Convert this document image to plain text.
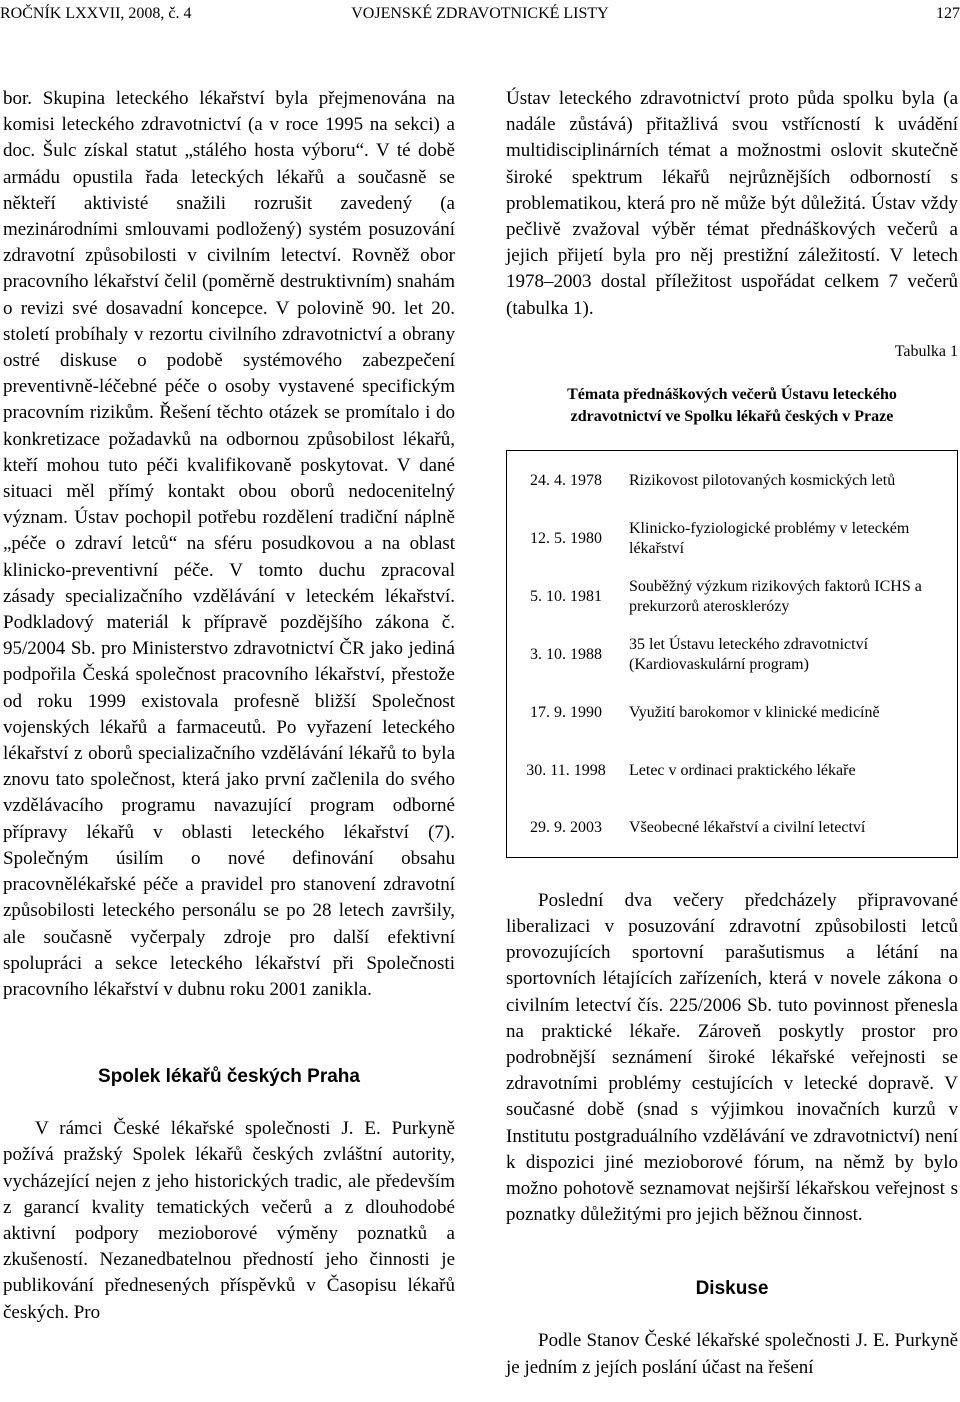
ROČNÍK LXXVII, 2008, č. 4	VOJENSKÉ ZDRAVOTNICKÉ LISTY	127

bor. Skupina leteckého lékařství byla přejmenována na komisi leteckého zdravotnictví (a v roce 1995 na sekci) a doc. Šulc získal statut „stálého hosta výboru“. V té době armádu opustila řada leteckých lékařů a současně se někteří aktivisté snažili rozrušit zavedený (a mezinárodními smlouvami podložený) systém posuzování zdravotní způsobilosti v civilním letectví. Rovněž obor pracovního lékařství čelil (poměrně destruktivním) snahám o revizi své dosavadní koncepce. V polovině 90. let 20. století probíhaly v rezortu civilního zdravotnictví a obrany ostré diskuse o podobě systémového zabezpečení preventivně-léčebné péče o osoby vystavené specifickým pracovním rizikům. Řešení těchto otázek se promítalo i do konkretizace požadavků na odbornou způsobilost lékařů, kteří mohou tuto péči kvalifikovaně poskytovat. V dané situaci měl přímý kontakt obou oborů nedocenitelný význam. Ústav pochopil potřebu rozdělení tradiční náplně „péče o zdraví letců“ na sféru posudkovou a na oblast klinicko-preventivní péče. V tomto duchu zpracoval zásady specializačního vzdělávání v leteckém lékařství. Podkladový materiál k přípravě pozdějšího zákona č. 95/2004 Sb. pro Ministerstvo zdravotnictví ČR jako jediná podpořila Česká společnost pracovního lékařství, přestože od roku 1999 existovala profesně bližší Společnost vojenských lékařů a farmaceutů. Po vyřazení leteckého lékařství z oborů specializačního vzdělávání lékařů to byla znovu tato společnost, která jako první začlenila do svého vzdělávacího programu navazující program odborné přípravy lékařů v oblasti leteckého lékařství (7). Společným úsilím o nové definování obsahu pracovnělékařské péče a pravidel pro stanovení zdravotní způsobilosti leteckého personálu se po 28 letech završily, ale současně vyčerpaly zdroje pro další efektivní spolupráci a sekce leteckého lékařství při Společnosti pracovního lékařství v dubnu roku 2001 zanikla.

Spolek lékařů českých Praha

V rámci České lékařské společnosti J. E. Purkyně požívá pražský Spolek lékařů českých zvláštní autority, vycházející nejen z jeho historických tradic, ale především z garancí kvality tematických večerů a z dlouhodobé aktivní podpory mezioborové výměny poznatků a zkušeností. Nezanedbatelnou předností jeho činnosti je publikování přednesených příspěvků v Časopisu lékařů českých. Pro

Ústav leteckého zdravotnictví proto půda spolku byla (a nadále zůstává) přitažlivá svou vstřícností k uvádění multidisciplinárních témat a možnostmi oslovit skutečně široké spektrum lékařů nejrůznějších odborností s problematikou, která pro ně může být důležitá. Ústav vždy pečlivě zvažoval výběr témat přednáškových večerů a jejich přijetí byla pro něj prestižní záležitostí. V letech 1978–2003 dostal příležitost uspořádat celkem 7 večerů (tabulka 1).

Tabulka 1
Témata přednáškových večerů Ústavu leteckého
zdravotnictví ve Spolku lékařů českých v Praze
24. 4. 1978	Rizikovost pilotovaných kosmických letů
12. 5. 1980	Klinicko-fyziologické problémy v leteckém lékařství
5. 10. 1981	Souběžný výzkum rizikových faktorů ICHS a prekurzorů aterosklerózy
3. 10. 1988	35 let Ústavu leteckého zdravotnictví (Kardiovaskulární program)
17. 9. 1990	Využití barokomor v klinické medicíně
30. 11. 1998	Letec v ordinaci praktického lékaře
29. 9. 2003	Všeobecné lékařství a civilní letectví

Poslední dva večery předcházely připravované liberalizaci v posuzování zdravotní způsobilosti letců provozujících sportovní parašutismus a létání na sportovních létajících zařízeních, která v novele zákona o civilním letectví čís. 225/2006 Sb. tuto povinnost přenesla na praktické lékaře. Zároveň poskytly prostor pro podrobnější seznámení široké lékařské veřejnosti se zdravotními problémy cestujících v letecké dopravě. V současné době (snad s výjimkou inovačních kurzů v Institutu postgraduálního vzdělávání ve zdravotnictví) není k dispozici jiné mezioborové fórum, na němž by bylo možno pohotově seznamovat nejširší lékařskou veřejnost s poznatky důležitými pro jejich běžnou činnost.

Diskuse

Podle Stanov České lékařské společnosti J. E. Purkyně je jedním z jejích poslání účast na řešení
